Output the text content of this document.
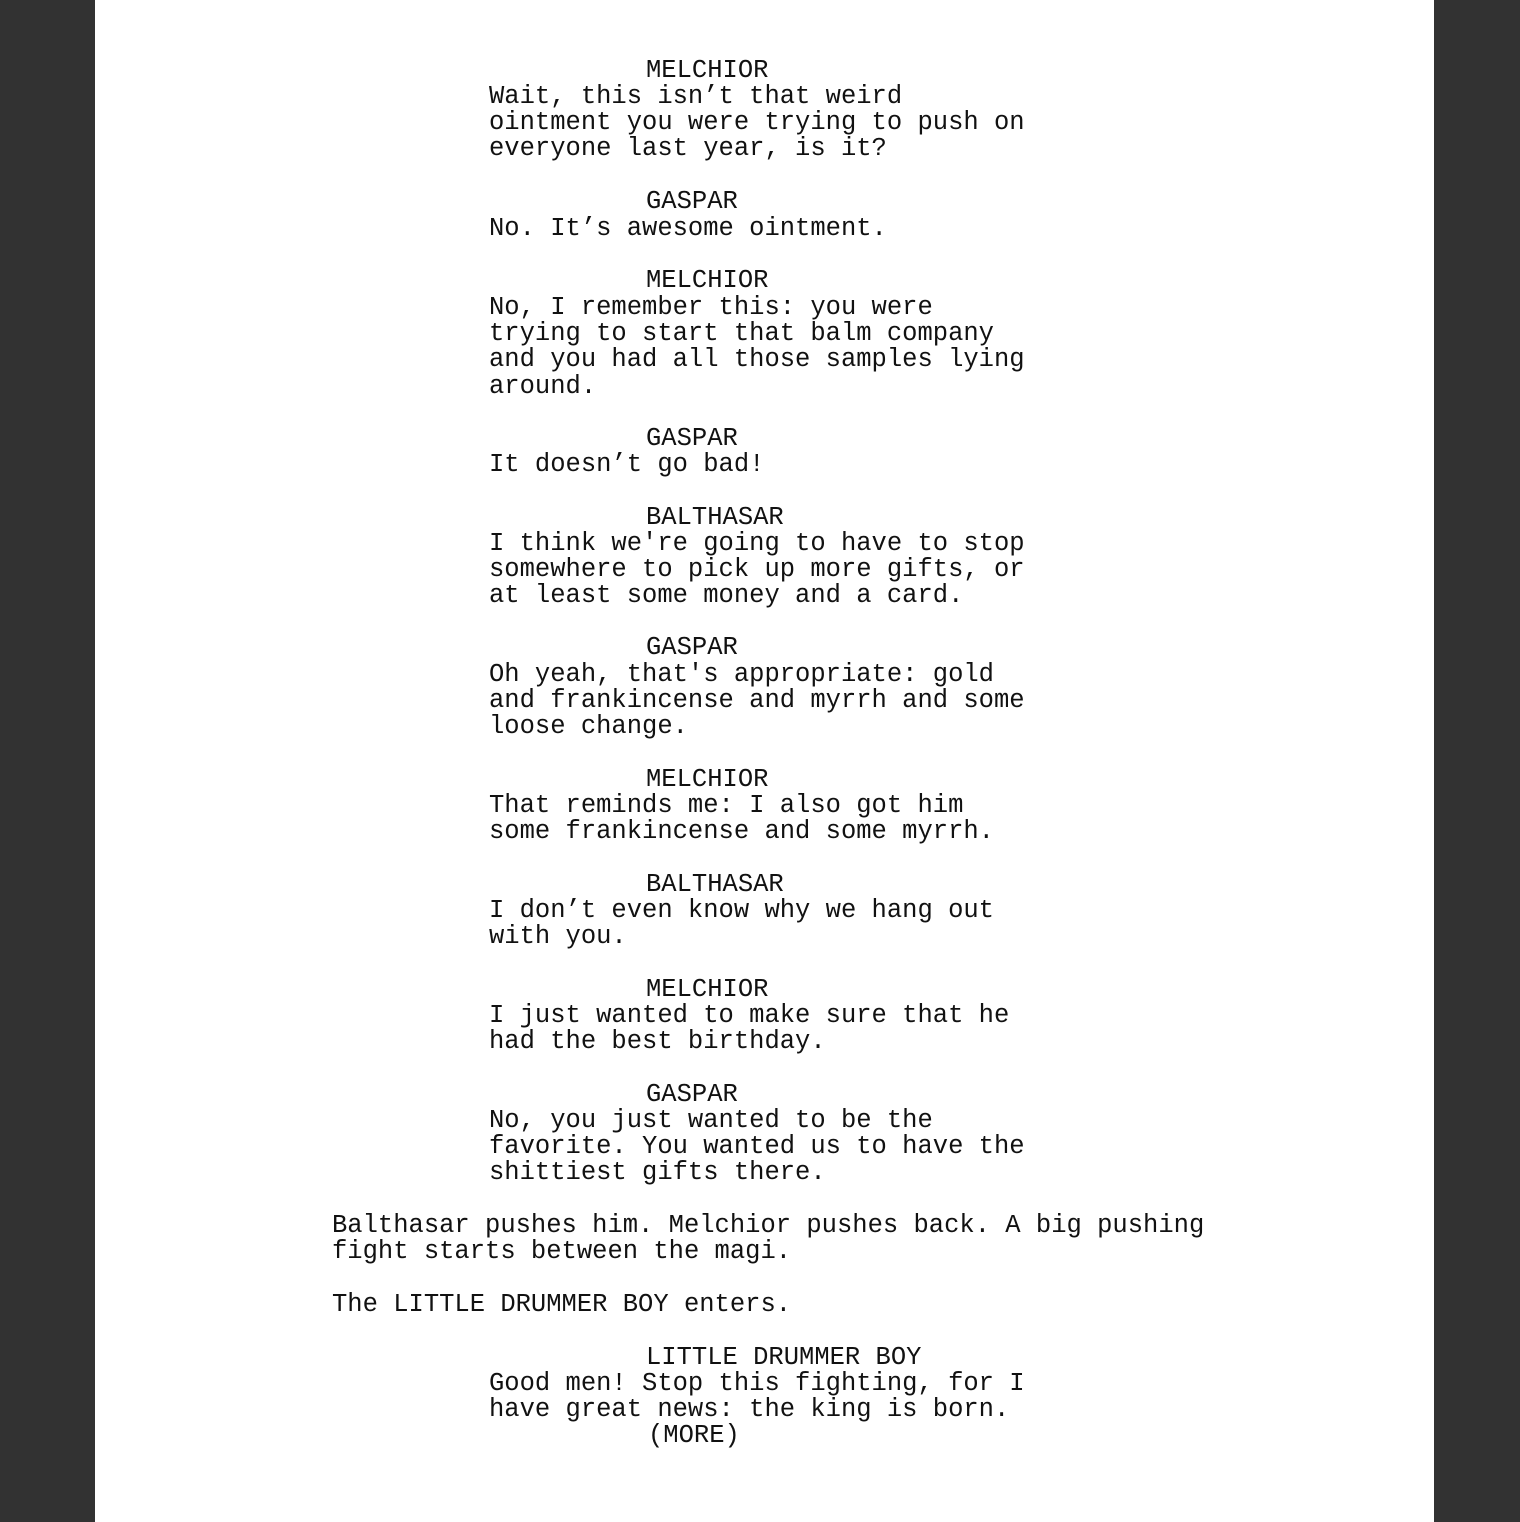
MELCHIOR
Wait, this isn’t that weird
ointment you were trying to push on
everyone last year, is it?
GASPAR
No. It’s awesome ointment.
MELCHIOR
No, I remember this: you were
trying to start that balm company
and you had all those samples lying
around.
GASPAR
It doesn’t go bad!
BALTHASAR
I think we're going to have to stop
somewhere to pick up more gifts, or
at least some money and a card.
GASPAR
Oh yeah, that's appropriate: gold
and frankincense and myrrh and some
loose change.
MELCHIOR
That reminds me: I also got him
some frankincense and some myrrh.
BALTHASAR
I don’t even know why we hang out
with you.
MELCHIOR
I just wanted to make sure that he
had the best birthday.
GASPAR
No, you just wanted to be the
favorite. You wanted us to have the
shittiest gifts there.
Balthasar pushes him. Melchior pushes back. A big pushing
fight starts between the magi.
The LITTLE DRUMMER BOY enters.
LITTLE DRUMMER BOY
Good men! Stop this fighting, for I
have great news: the king is born.
(MORE)
